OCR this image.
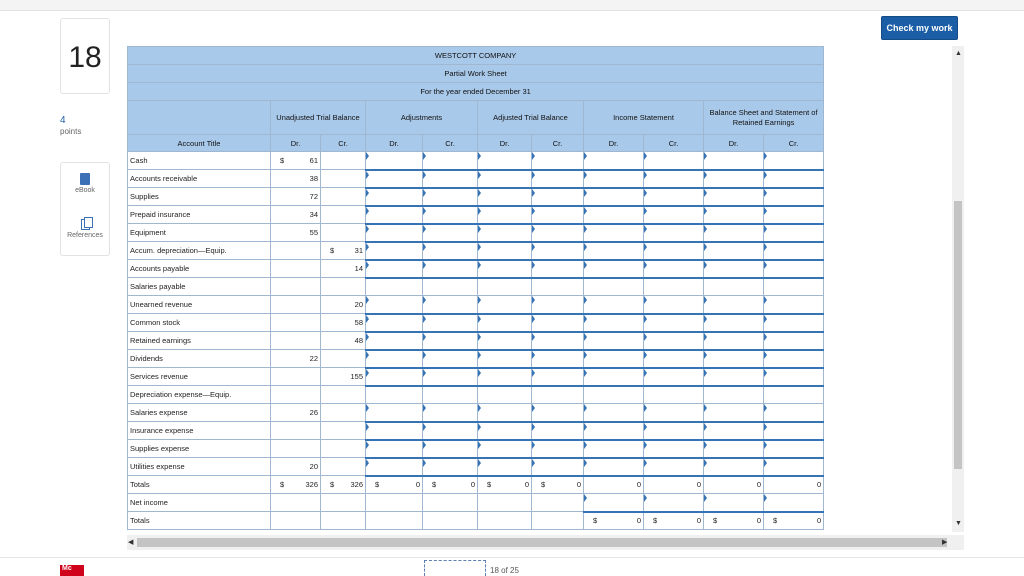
Check my work
18
4
points
eBook
References
WESTCOTT COMPANY										
Partial Work Sheet										
For the year ended December 31										
	Unadjusted Trial Balance		Adjustments		Adjusted Trial Balance		Income Statement		Balance Sheet and Statement of Retained Earnings	
Account Title	Dr.	Cr.	Dr.	Cr.	Dr.	Cr.	Dr.	Cr.	Dr.	Cr.
Cash	$ 61	

Accounts receivable	38	

Supplies	72	

Prepaid insurance	34	

Equipment	55	

Accum. depreciation—Equip.		$ 31								
Accounts payable		14								
Salaries payable	

Unearned revenue		20								
Common stock		58								
Retained earnings		48								
Dividends	22	

Services revenue		155								
Depreciation expense—Equip.	

Salaries expense	26	

Insurance expense	

Supplies expense	

Utilities expense	20	

Totals	$ 326	$ 326	$ 0	$ 0	$ 0	$ 0	0	0	0	0
Net income										
Totals							$ 0	$ 0	$ 0	$ 0
▲
▼
◀	▶
Mc	18 of 25
